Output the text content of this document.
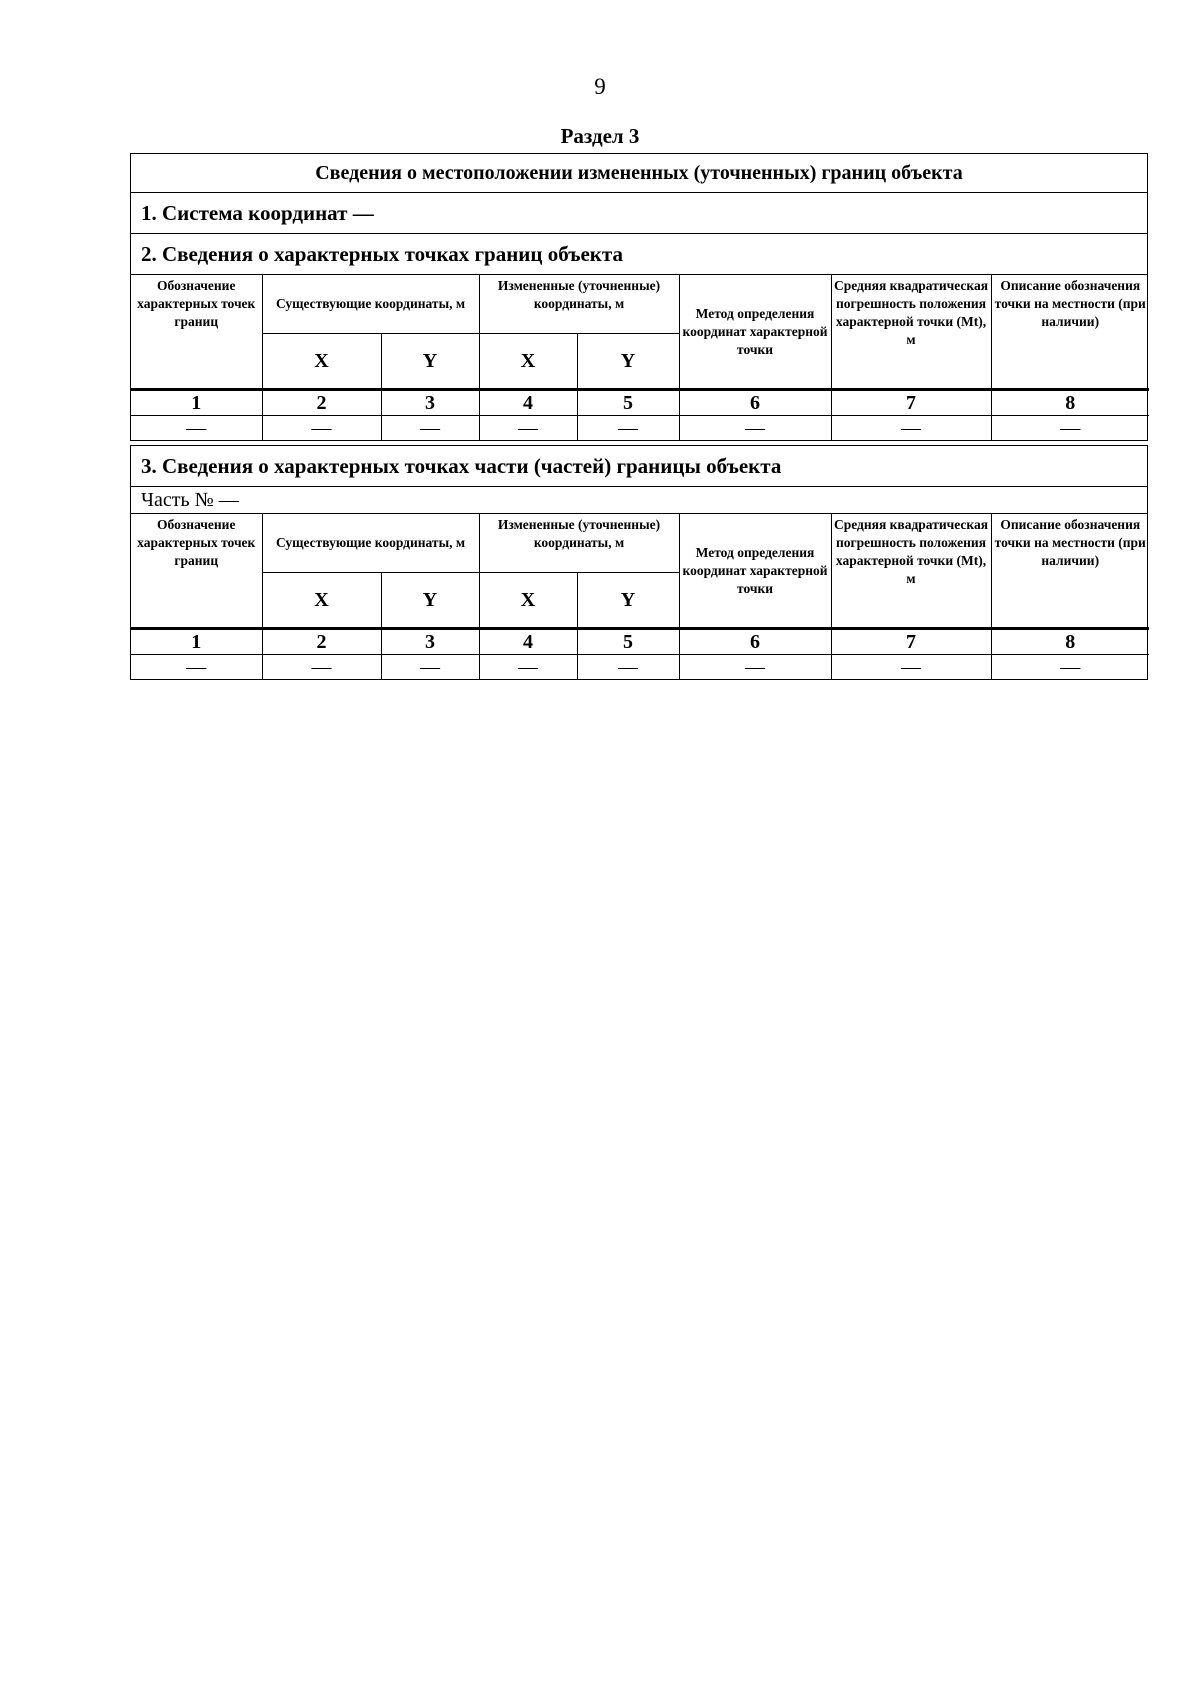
9
Раздел 3
Сведения о местоположении измененных (уточненных) границ объекта
1. Система координат —
2. Сведения о характерных точках границ объекта
Обозначение характерных точек границ	Существующие координаты, м		Измененные (уточненные) координаты, м		Метод определения координат характерной точки	Средняя квадратическая погрешность положения характерной точки (Mt), м	Описание обозначения точки на местности (при наличии)
	X	Y	X	Y			
1	2	3	4	5	6	7	8
—	—	—	—	—	—	—	—
3. Сведения о характерных точках части (частей) границы объекта
Часть № —
Обозначение характерных точек границ	Существующие координаты, м		Измененные (уточненные) координаты, м		Метод определения координат характерной точки	Средняя квадратическая погрешность положения характерной точки (Mt), м	Описание обозначения точки на местности (при наличии)
	X	Y	X	Y			
1	2	3	4	5	6	7	8
—	—	—	—	—	—	—	—
